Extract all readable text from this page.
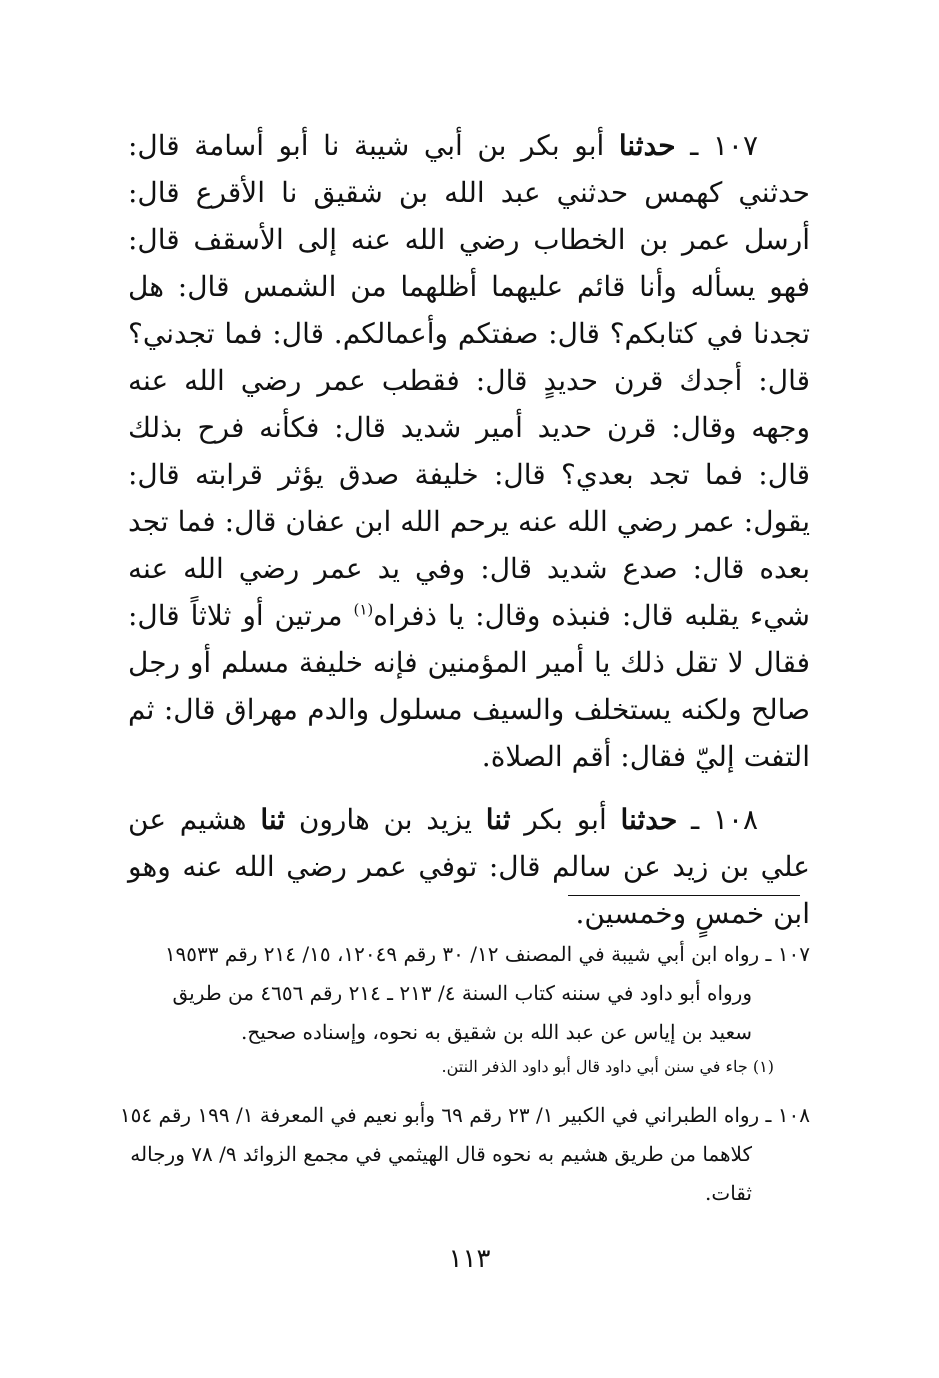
١٠٧ ـ حدثنا أبو بكر بن أبي شيبة نا أبو أسامة قال: حدثني كهمس حدثني عبد الله بن شقيق نا الأقرع قال: أرسل عمر بن الخطاب رضي الله عنه إلى الأسقف قال: فهو يسأله وأنا قائم عليهما أظلهما من الشمس قال: هل تجدنا في كتابكم؟ قال: صفتكم وأعمالكم. قال: فما تجدني؟ قال: أجدك قرن حديدٍ قال: فقطب عمر رضي الله عنه وجهه وقال: قرن حديد أمير شديد قال: فكأنه فرح بذلك قال: فما تجد بعدي؟ قال: خليفة صدق يؤثر قرابته قال: يقول: عمر رضي الله عنه يرحم الله ابن عفان قال: فما تجد بعده قال: صدع شديد قال: وفي يد عمر رضي الله عنه شيء يقلبه قال: فنبذه وقال: يا ذفراه$^{(١)}$ مرتين أو ثلاثاً قال: فقال لا تقل ذلك يا أمير المؤمنين فإنه خليفة مسلم أو رجل صالح ولكنه يستخلف والسيف مسلول والدم مهراق قال: ثم التفت إليّ فقال: أقم الصلاة.

١٠٨ ـ حدثنا أبو بكر ثنا يزيد بن هارون ثنا هشيم عن علي بن زيد عن سالم قال: توفي عمر رضي الله عنه وهو ابن خمسٍ وخمسين.

١٠٧ ـ رواه ابن أبي شيبة في المصنف ١٢/ ٣٠ رقم ١٢٠٤٩، ١٥/ ٢١٤ رقم ١٩٥٣٣
ورواه أبو داود في سننه كتاب السنة ٤/ ٢١٣ ـ ٢١٤ رقم ٤٦٥٦ من طريق
سعيد بن إياس عن عبد الله بن شقيق به نحوه، وإسناده صحيح.
(١) جاء في سنن أبي داود قال أبو داود الذفر النتن.
١٠٨ ـ رواه الطبراني في الكبير ١/ ٢٣ رقم ٦٩ وأبو نعيم في المعرفة ١/ ١٩٩ رقم ١٥٤
كلاهما من طريق هشيم به نحوه قال الهيثمي في مجمع الزوائد ٩/ ٧٨ ورجاله
ثقات.
١١٣
